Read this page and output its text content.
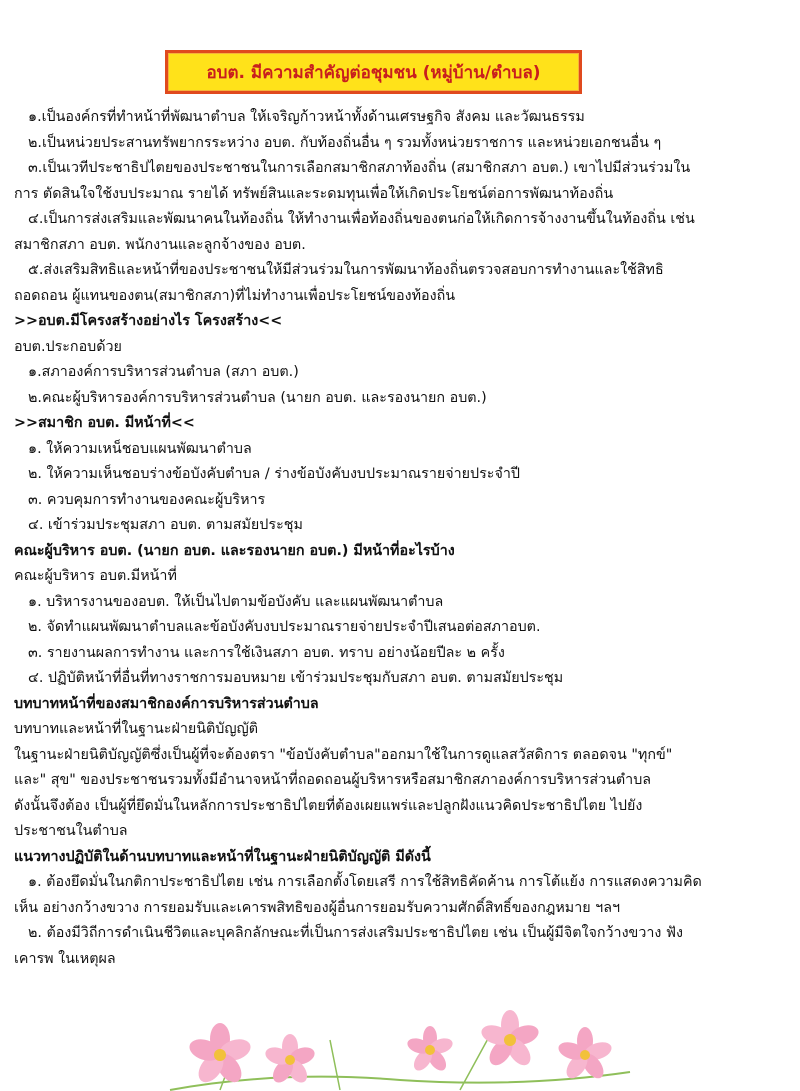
อบต. มีความสำคัญต่อชุมชน (หมู่บ้าน/ตำบล)

๑.เป็นองค์กรที่ทำหน้าที่พัฒนาตำบล ให้เจริญก้าวหน้าทั้งด้านเศรษฐกิจ สังคม และวัฒนธรรม

๒.เป็นหน่วยประสานทรัพยากรระหว่าง อบต. กับท้องถิ่นอื่น ๆ รวมทั้งหน่วยราชการ และหน่วยเอกชนอื่น ๆ

๓.เป็นเวทีประชาธิปไตยของประชาชนในการเลือกสมาชิกสภาท้องถิ่น (สมาชิกสภา อบต.) เขาไปมีส่วนร่วมใน

การ ตัดสินใจใช้งบประมาณ รายได้ ทรัพย์สินและระดมทุนเพื่อให้เกิดประโยชน์ต่อการพัฒนาท้องถิ่น

๔.เป็นการส่งเสริมและพัฒนาคนในท้องถิ่น ให้ทำงานเพื่อท้องถิ่นของตนก่อให้เกิดการจ้างงานขึ้นในท้องถิ่น เช่น

สมาชิกสภา อบต. พนักงานและลูกจ้างของ อบต.

๕.ส่งเสริมสิทธิและหน้าที่ของประชาชนให้มีส่วนร่วมในการพัฒนาท้องถิ่นตรวจสอบการทำงานและใช้สิทธิ

ถอดถอน ผู้แทนของตน(สมาชิกสภา)ที่ไม่ทำงานเพื่อประโยชน์ของท้องถิ่น

>>อบต.มีโครงสร้างอย่างไร โครงสร้าง<<

อบต.ประกอบด้วย

๑.สภาองค์การบริหารส่วนตำบล (สภา อบต.)

๒.คณะผู้บริหารองค์การบริหารส่วนตำบล (นายก อบต. และรองนายก อบต.)

>>สมาชิก อบต. มีหน้าที่<<

๑. ให้ความเหน็ชอบแผนพัฒนาตำบล

๒. ให้ความเห็นชอบร่างข้อบังคับตำบล / ร่างข้อบังคับงบประมาณรายจ่ายประจำปี

๓. ควบคุมการทำงานของคณะผู้บริหาร

๔. เข้าร่วมประชุมสภา อบต. ตามสมัยประชุม

คณะผู้บริหาร อบต. (นายก อบต. และรองนายก อบต.) มีหน้าที่อะไรบ้าง

คณะผู้บริหาร อบต.มีหน้าที่

๑. บริหารงานของอบต. ให้เป็นไปตามข้อบังคับ และแผนพัฒนาตำบล

๒. จัดทำแผนพัฒนาตำบลและข้อบังคับงบประมาณรายจ่ายประจำปีเสนอต่อสภาอบต.

๓. รายงานผลการทำงาน และการใช้เงินสภา อบต. ทราบ อย่างน้อยปีละ ๒ ครั้ง

๔. ปฏิบัติหน้าที่อื่นที่ทางราชการมอบหมาย เข้าร่วมประชุมกับสภา อบต. ตามสมัยประชุม

บทบาทหน้าที่ของสมาชิกองค์การบริหารส่วนตำบล

บทบาทและหน้าที่ในฐานะฝ่ายนิติบัญญัติ

ในฐานะฝ่ายนิติบัญญัติซึ่งเป็นผู้ที่จะต้องตรา "ข้อบังคับตำบล"ออกมาใช้ในการดูแลสวัสดิการ ตลอดจน "ทุกข์"

และ" สุข" ของประชาชนรวมทั้งมีอำนาจหน้าที่ถอดถอนผู้บริหารหรือสมาชิกสภาองค์การบริหารส่วนตำบล

ดังนั้นจึงต้อง เป็นผู้ที่ยึดมั่นในหลักการประชาธิปไตยที่ต้องเผยแพร่และปลูกฝังแนวคิดประชาธิปไตย ไปยัง

ประชาชนในตำบล

แนวทางปฏิบัติในด้านบทบาทและหน้าที่ในฐานะฝ่ายนิติบัญญัติ มีดังนี้

๑. ต้องยึดมั่นในกติกาประชาธิปไตย เช่น การเลือกตั้งโดยเสรี การใช้สิทธิคัดค้าน การโต้แย้ง การแสดงความคิด

เห็น อย่างกว้างขวาง การยอมรับและเคารพสิทธิของผู้อื่นการยอมรับความศักดิ์สิทธิ์ของกฎหมาย ฯลฯ

๒. ต้องมีวิถีการดำเนินชีวิตและบุคลิกลักษณะที่เป็นการส่งเสริมประชาธิปไตย เช่น เป็นผู้มีจิตใจกว้างขวาง ฟัง

เคารพ ในเหตุผล
